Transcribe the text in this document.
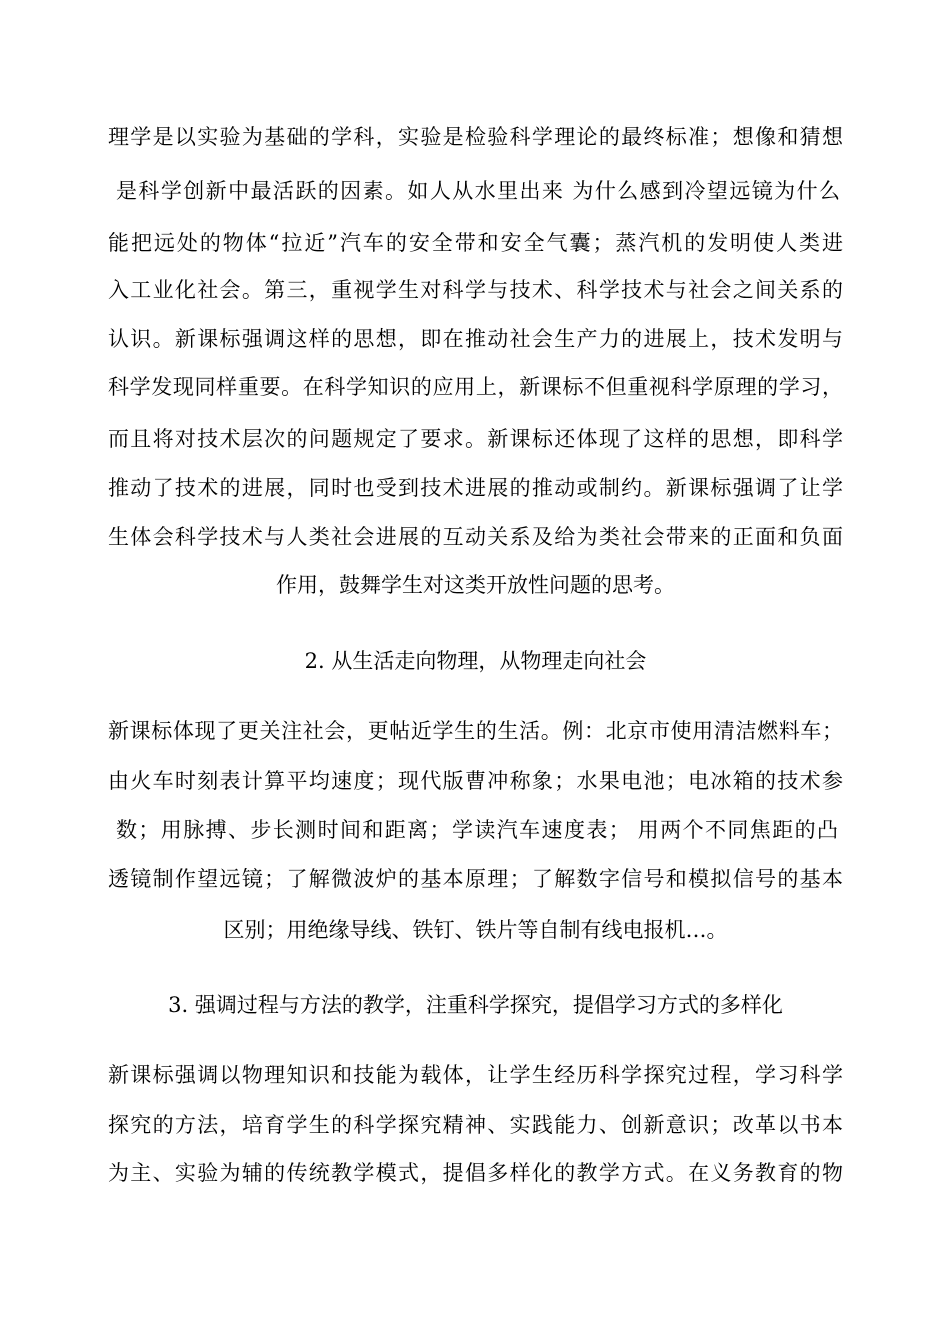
理学是以实验为基础的学科，实验是检验科学理论的最终标准；想像和猜想
是科学创新中最活跃的因素。如人从水里出来 为什么感到冷望远镜为什么
能把远处的物体“拉近”汽车的安全带和安全气囊；蒸汽机的发明使人类进
入工业化社会。第三，重视学生对科学与技术、科学技术与社会之间关系的
认识。新课标强调这样的思想，即在推动社会生产力的进展上，技术发明与
科学发现同样重要。在科学知识的应用上，新课标不但重视科学原理的学习，
而且将对技术层次的问题规定了要求。新课标还体现了这样的思想，即科学
推动了技术的进展，同时也受到技术进展的推动或制约。新课标强调了让学
生体会科学技术与人类社会进展的互动关系及给为类社会带来的正面和负面
作用，鼓舞学生对这类开放性问题的思考。
2. 从生活走向物理，从物理走向社会
新课标体现了更关注社会，更帖近学生的生活。例：北京市使用清洁燃料车；
由火车时刻表计算平均速度；现代版曹冲称象；水果电池；电冰箱的技术参
数；用脉搏、步长测时间和距离；学读汽车速度表； 用两个不同焦距的凸
透镜制作望远镜；了解微波炉的基本原理；了解数字信号和模拟信号的基本
区别；用绝缘导线、铁钉、铁片等自制有线电报机…。
3. 强调过程与方法的教学，注重科学探究，提倡学习方式的多样化
新课标强调以物理知识和技能为载体，让学生经历科学探究过程，学习科学
探究的方法，培育学生的科学探究精神、实践能力、创新意识；改革以书本
为主、实验为辅的传统教学模式，提倡多样化的教学方式。在义务教育的物
